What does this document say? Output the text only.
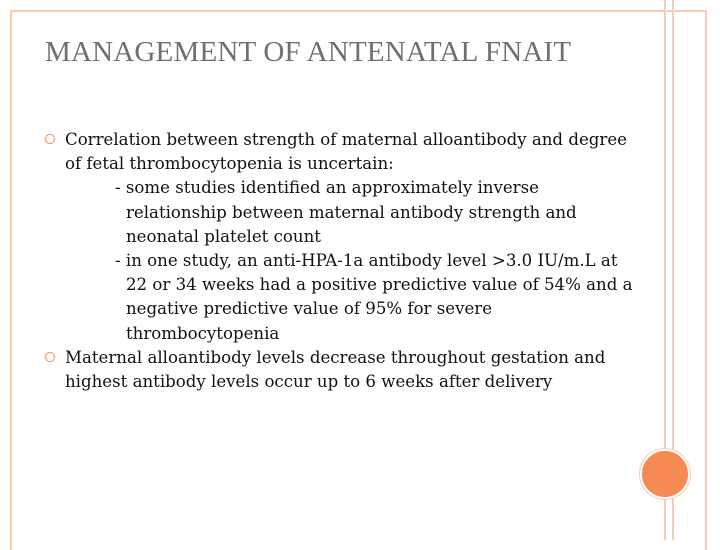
MANAGEMENT OF ANTENATAL FNAIT
Correlation between strength of maternal alloantibody and degree of fetal thrombocytopenia is uncertain:
- some studies identified an approximately inverse relationship between maternal antibody strength and neonatal platelet count
- in one study, an anti-HPA-1a antibody level >3.0 IU/m.L at 22 or 34 weeks had a positive predictive value of 54% and a negative predictive value of 95% for severe thrombocytopenia
Maternal alloantibody levels decrease throughout gestation and highest antibody levels occur up to 6 weeks after delivery
